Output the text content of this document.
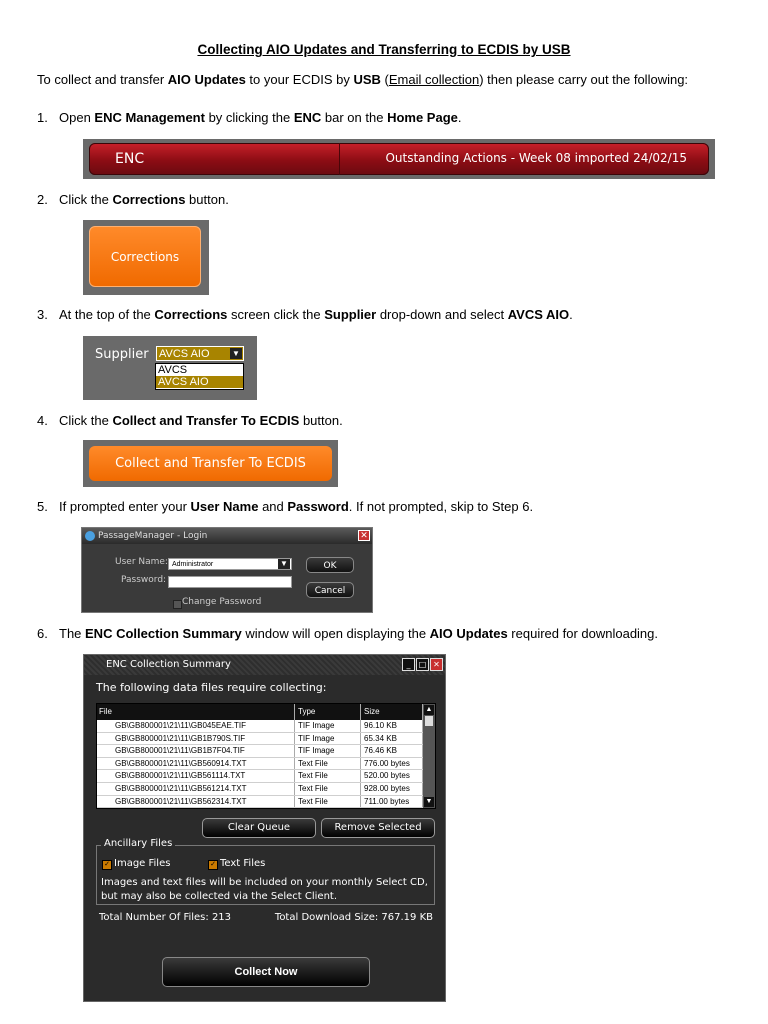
Collecting AIO Updates and Transferring to ECDIS by USB
To collect and transfer AIO Updates to your ECDIS by USB (Email collection) then please carry out the following:
1. Open ENC Management by clicking the ENC bar on the Home Page.
ENC	Outstanding Actions - Week 08 imported 24/02/15
2. Click the Corrections button.
Corrections
3. At the top of the Corrections screen click the Supplier drop-down and select AVCS AIO.
Supplier AVCS AIO	▼
AVCS
AVCS AIO
4. Click the Collect and Transfer To ECDIS button.
Collect and Transfer To ECDIS
5. If prompted enter your User Name and Password. If not prompted, skip to Step 6.
PassageManager - Login	✕
User Name: Administrator	▼
Password:
OK
Cancel
Change Password
6. The ENC Collection Summary window will open displaying the AIO Updates required for downloading.
ENC Collection Summary	_	□ ✕
The following data files require collecting:
File	Type	Size
GB\GB800001\21\11\GB045EAE.TIF	TIF Image	96.10 KB
GB\GB800001\21\11\GB1B790S.TIF	TIF Image	65.34 KB
GB\GB800001\21\11\GB1B7F04.TIF	TIF Image	76.46 KB
GB\GB800001\21\11\GB560914.TXT	Text File	776.00 bytes
GB\GB800001\21\11\GB561114.TXT	Text File	520.00 bytes
GB\GB800001\21\11\GB561214.TXT	Text File	928.00 bytes
GB\GB800001\21\11\GB562314.TXT	Text File	711.00 bytes
▲
▼
Clear Queue	Remove Selected
Ancillary Files
✓ Image Files	✓ Text Files
Images and text files will be included on your monthly Select CD, but may also be collected via the Select Client.
Total Number Of Files: 213	Total Download Size: 767.19 KB
Collect Now
